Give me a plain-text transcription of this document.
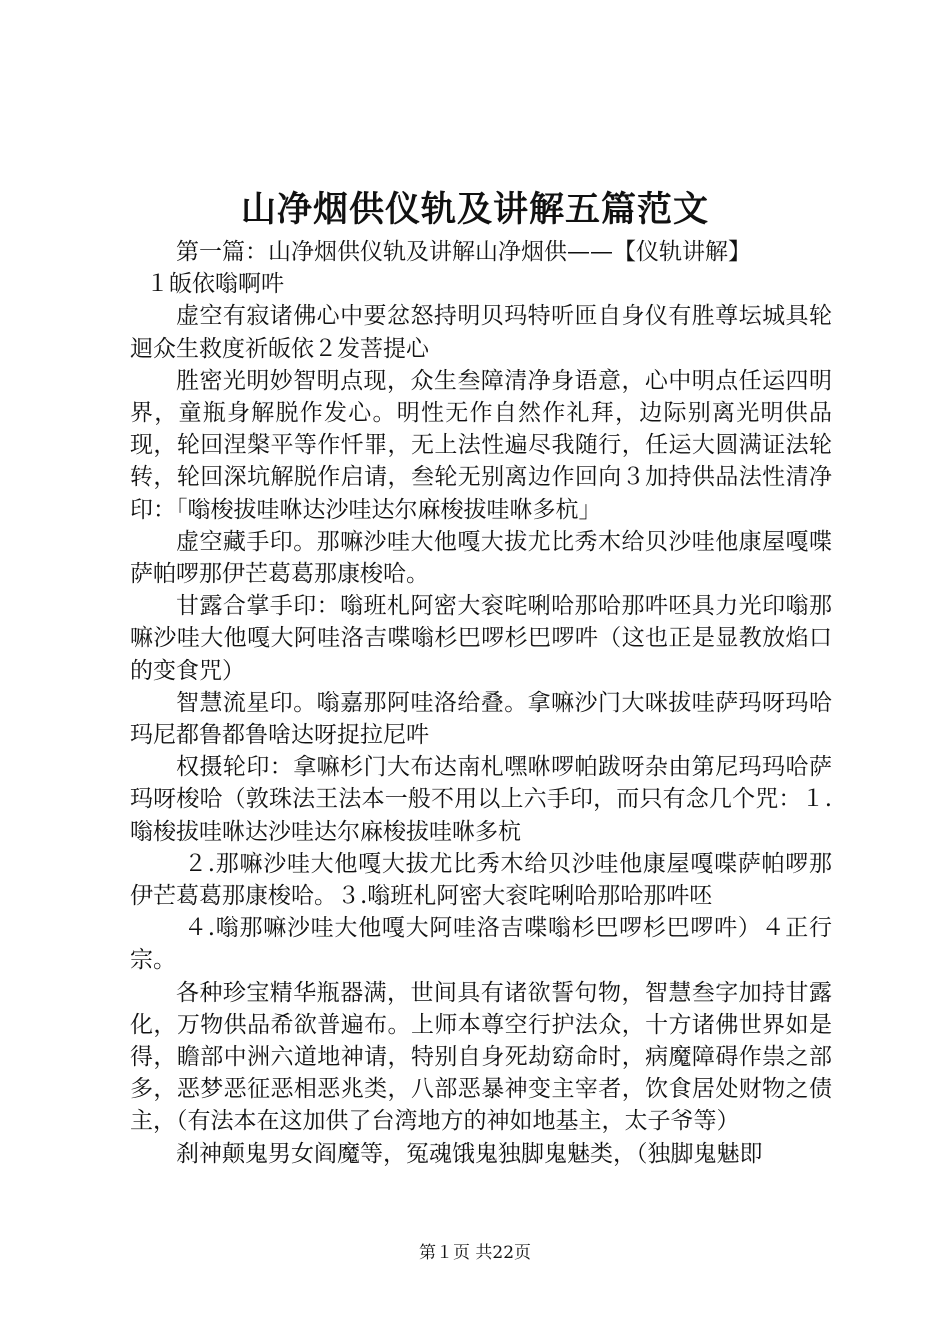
山净烟供仪轨及讲解五篇范文

第一篇：山净烟供仪轨及讲解山净烟供——【仪轨讲解】

１皈依嗡啊吽

虚空有寂诸佛心中要忿怒持明贝玛特听匝自身仪有胜尊坛城具轮迴众生救度祈皈依２发菩提心

胜密光明妙智明点现，众生叁障清净身语意，心中明点任运四明界，童瓶身解脱作发心。明性无作自然作礼拜，边际别离光明供品现，轮回涅槃平等作忏罪，无上法性遍尽我随行，任运大圆满证法轮转，轮回深坑解脱作启请，叁轮无别离边作回向３加持供品法性清净印：「嗡梭拔哇咻达沙哇达尔麻梭拔哇咻多杭」

虚空藏手印。那嘛沙哇大他嘎大拔尤比秀木给贝沙哇他康屋嘎喋萨帕啰那伊芒葛葛那康梭哈。

甘露合掌手印：嗡班札阿密大衮咤唎哈那哈那吽呸具力光印嗡那嘛沙哇大他嘎大阿哇洛吉喋嗡杉巴啰杉巴啰吽（这也正是显教放焰口的变食咒）

智慧流星印。嗡嘉那阿哇洛给叠。拿嘛沙门大咪拔哇萨玛呀玛哈玛尼都鲁都鲁啥达呀捉拉尼吽

权摄轮印：拿嘛杉门大布达南札嘿咻啰帕跋呀杂由第尼玛玛哈萨玛呀梭哈（敦珠法王法本一般不用以上六手印，而只有念几个咒：１.嗡梭拔哇咻达沙哇达尔麻梭拔哇咻多杭

２.那嘛沙哇大他嘎大拔尤比秀木给贝沙哇他康屋嘎喋萨帕啰那伊芒葛葛那康梭哈。３.嗡班札阿密大衮咤唎哈那哈那吽呸

４.嗡那嘛沙哇大他嘎大阿哇洛吉喋嗡杉巴啰杉巴啰吽）４正行宗。

各种珍宝精华瓶器满，世间具有诸欲誓句物，智慧叁字加持甘露化，万物供品希欲普遍布。上师本尊空行护法众，十方诸佛世界如是得，瞻部中洲六道地神请，特别自身死劫窈命时，病魔障碍作祟之部多，恶梦恶征恶相恶兆类，八部恶暴神变主宰者，饮食居处财物之债主，（有法本在这加供了台湾地方的神如地基主，太子爷等）

刹神颠鬼男女阎魔等，冤魂饿鬼独脚鬼魅类，（独脚鬼魅即

第１页 共22页
